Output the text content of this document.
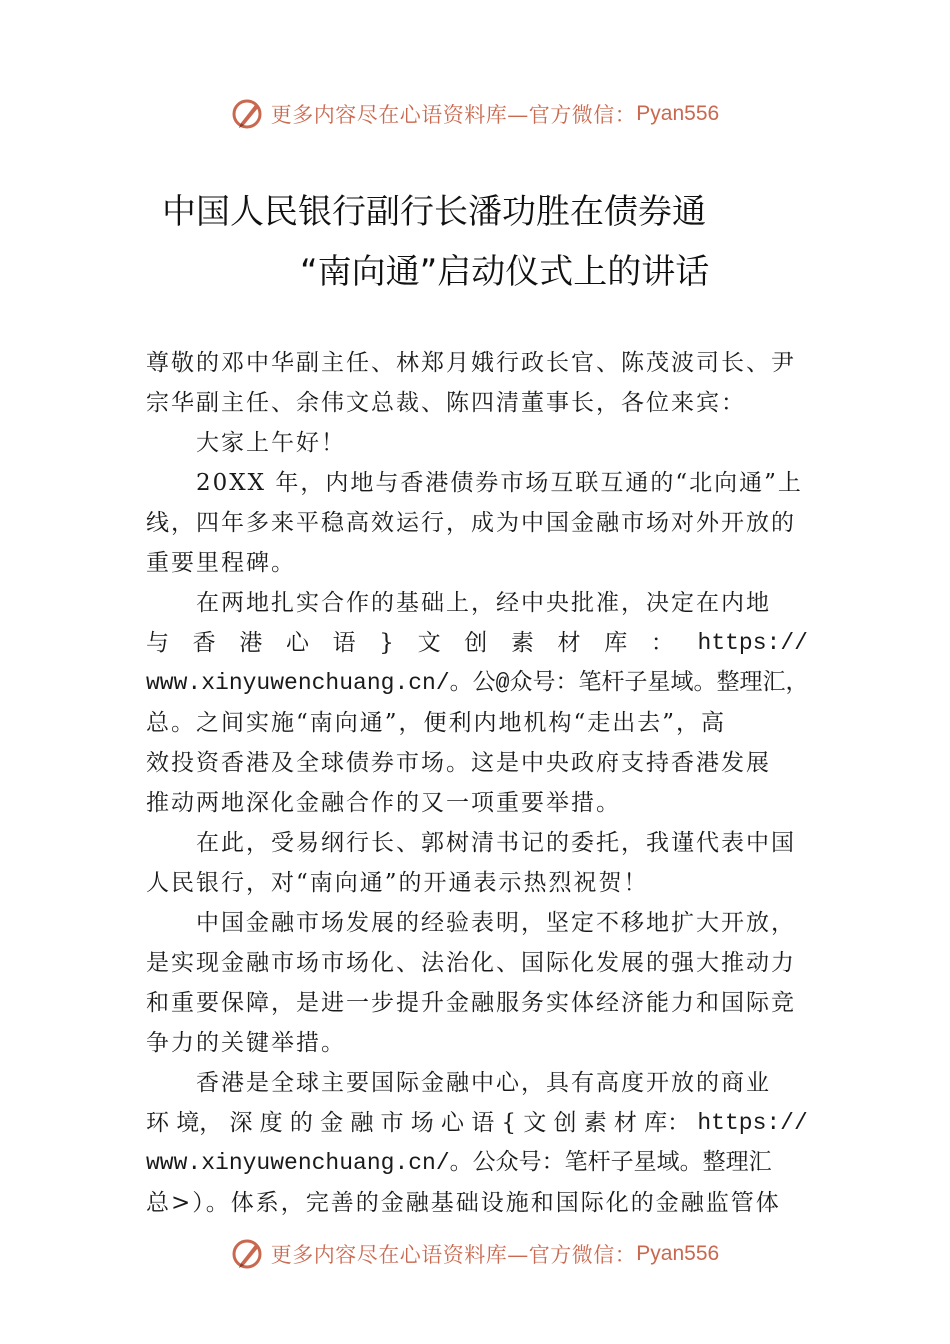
更多内容尽在心语资料库—官方微信： Pyan556
中国人民银行副行长潘功胜在债券通
“南向通”启动仪式上的讲话
尊敬的邓中华副主任、林郑月娥行政长官、陈茂波司长、尹
宗华副主任、余伟文总裁、陈四清董事长，各位来宾：
大家上午好！
20XX 年，内地与香港债券市场互联互通的“北向通”上
线，四年多来平稳高效运行，成为中国金融市场对外开放的
重要里程碑。
在两地扎实合作的基础上，经中央批准，决定在内地
与 香 港 心 语 } 文 创 素 材 库 ： https://
www.xinyuwenchuang.cn/。公@众号：笔杆子星域。整理汇，
总。之间实施“南向通”，便利内地机构“走出去”，高
效投资香港及全球债券市场。这是中央政府支持香港发展
推动两地深化金融合作的又一项重要举措。
在此，受易纲行长、郭树清书记的委托，我谨代表中国
人民银行，对“南向通”的开通表示热烈祝贺！
中国金融市场发展的经验表明，坚定不移地扩大开放，
是实现金融市场市场化、法治化、国际化发展的强大推动力
和重要保障，是进一步提升金融服务实体经济能力和国际竞
争力的关键举措。
香港是全球主要国际金融中心，具有高度开放的商业
环 境， 深 度 的 金 融 市 场 心 语 { 文 创 素 材 库： https://
www.xinyuwenchuang.cn/。公众号：笔杆子星域。整理汇
总>）。体系，完善的金融基础设施和国际化的金融监管体
更多内容尽在心语资料库—官方微信： Pyan556
